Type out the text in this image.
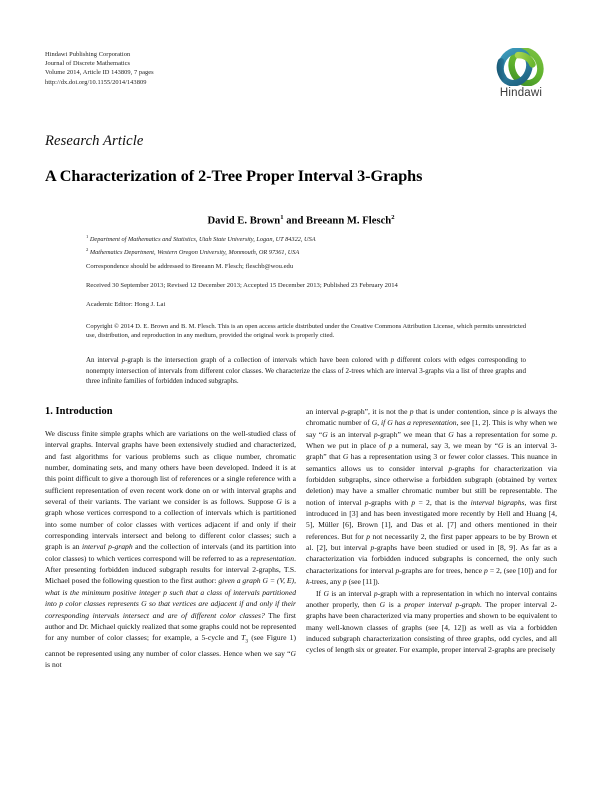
Hindawi Publishing Corporation
Journal of Discrete Mathematics
Volume 2014, Article ID 143809, 7 pages
http://dx.doi.org/10.1155/2014/143809
Hindawi
Research Article
A Characterization of 2-Tree Proper Interval 3-Graphs
David E. Brown$^1$ and Breeann M. Flesch$^2$
$^1$ Department of Mathematics and Statistics, Utah State University, Logan, UT 84322, USA
$^2$ Mathematics Department, Western Oregon University, Monmouth, OR 97361, USA
Correspondence should be addressed to Breeann M. Flesch; fleschb@wou.edu
Received 30 September 2013; Revised 12 December 2013; Accepted 15 December 2013; Published 23 February 2014
Academic Editor: Hong J. Lai
Copyright © 2014 D. E. Brown and B. M. Flesch. This is an open access article distributed under the Creative Commons Attribution License, which permits unrestricted use, distribution, and reproduction in any medium, provided the original work is properly cited.
An interval p-graph is the intersection graph of a collection of intervals which have been colored with p different colors with edges corresponding to nonempty intersection of intervals from different color classes. We characterize the class of 2-trees which are interval 3-graphs via a list of three graphs and three infinite families of forbidden induced subgraphs.
1. Introduction

We discuss finite simple graphs which are variations on the well-studied class of interval graphs. Interval graphs have been extensively studied and characterized, and fast algorithms for various problems such as clique number, chromatic number, dominating sets, and many others have been developed. Indeed it is at this point difficult to give a thorough list of references or a single reference with a sufficient representation of even recent work done on or with interval graphs and several of their variants. The variant we consider is as follows. Suppose G is a graph whose vertices correspond to a collection of intervals which is partitioned into some number of color classes with vertices adjacent if and only if their corresponding intervals intersect and belong to different color classes; such a graph is an interval p-graph and the collection of intervals (and its partition into color classes) to which vertices correspond will be referred to as a representation. After presenting forbidden induced subgraph results for interval 2-graphs, T.S. Michael posed the following question to the first author: given a graph G = (V, E), what is the minimum positive integer p such that a class of intervals partitioned into p color classes represents G so that vertices are adjacent if and only if their corresponding intervals intersect and are of different color classes? The first author and Dr. Michael quickly realized that some graphs could not be represented for any number of color classes; for example, a 5-cycle and $T_3$ (see Figure 1) cannot be represented using any number of color classes. Hence when we say “G is not

an interval p-graph”, it is not the p that is under contention, since p is always the chromatic number of G, if G has a representation, see [1, 2]. This is why when we say “G is an interval p-graph” we mean that G has a representation for some p. When we put in place of p a numeral, say 3, we mean by “G is an interval 3-graph” that G has a representation using 3 or fewer color classes. This nuance in semantics allows us to consider interval p-graphs for characterization via forbidden subgraphs, since otherwise a forbidden subgraph (obtained by vertex deletion) may have a smaller chromatic number but still be representable. The notion of interval p-graphs with p = 2, that is the interval bigraphs, was first introduced in [3] and has been investigated more recently by Hell and Huang [4, 5], Müller [6], Brown [1], and Das et al. [7] and others mentioned in their references. But for p not necessarily 2, the first paper appears to be by Brown et al. [2], but interval p-graphs have been studied or used in [8, 9]. As far as a characterization via forbidden induced subgraphs is concerned, the only such characterizations for interval p-graphs are for trees, hence p = 2, (see [10]) and for k-trees, any p (see [11]).

If G is an interval p-graph with a representation in which no interval contains another properly, then G is a proper interval p-graph. The proper interval 2-graphs have been characterized via many properties and shown to be equivalent to many well-known classes of graphs (see [4, 12]) as well as via a forbidden induced subgraph characterization consisting of three graphs, odd cycles, and all cycles of length six or greater. For example, proper interval 2-graphs are precisely
